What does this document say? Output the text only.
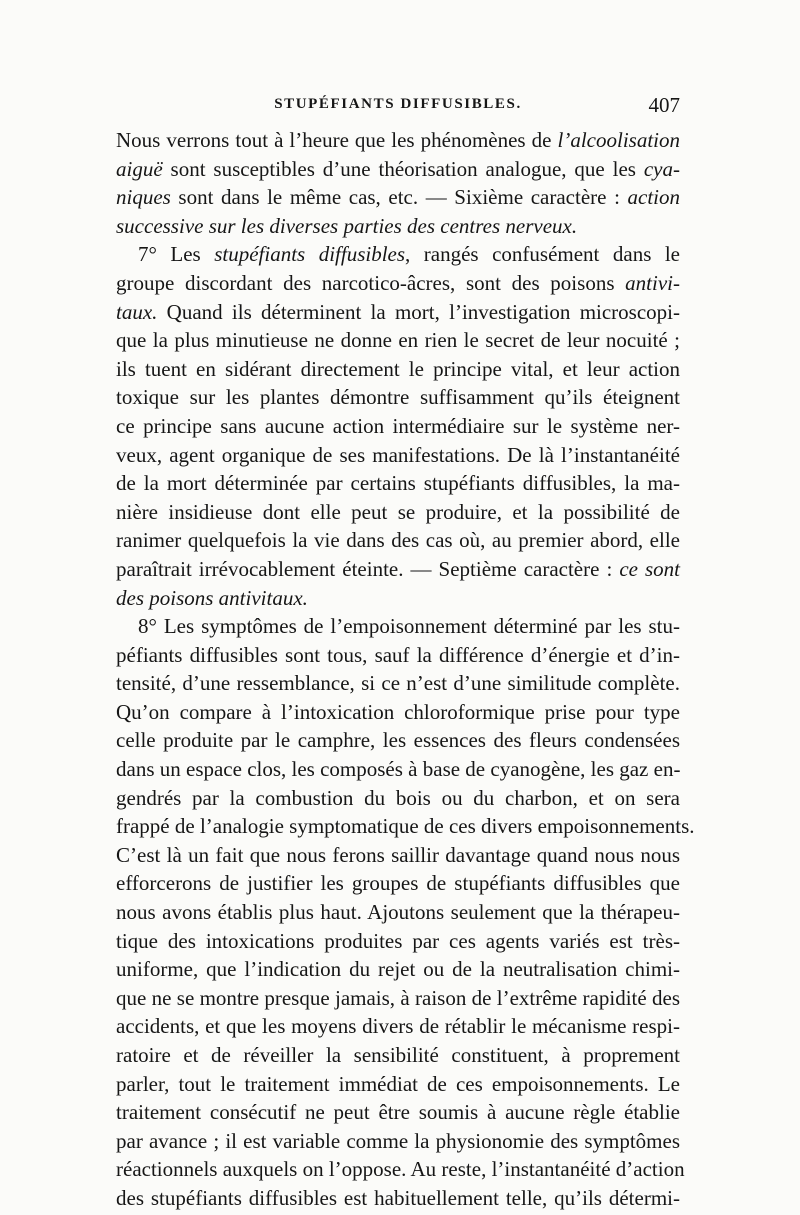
STUPÉFIANTS DIFFUSIBLES.	407
Nous verrons tout à l’heure que les phénomènes de l’alcoolisation
aiguë sont susceptibles d’une théorisation analogue, que les cya-
niques sont dans le même cas, etc. — Sixième caractère : action
successive sur les diverses parties des centres nerveux.
7° Les stupéfiants diffusibles, rangés confusément dans le
groupe discordant des narcotico-âcres, sont des poisons antivi-
taux. Quand ils déterminent la mort, l’investigation microscopi-
que la plus minutieuse ne donne en rien le secret de leur nocuité ;
ils tuent en sidérant directement le principe vital, et leur action
toxique sur les plantes démontre suffisamment qu’ils éteignent
ce principe sans aucune action intermédiaire sur le système ner-
veux, agent organique de ses manifestations. De là l’instantanéité
de la mort déterminée par certains stupéfiants diffusibles, la ma-
nière insidieuse dont elle peut se produire, et la possibilité de
ranimer quelquefois la vie dans des cas où, au premier abord, elle
paraîtrait irrévocablement éteinte. — Septième caractère : ce sont
des poisons antivitaux.
8° Les symptômes de l’empoisonnement déterminé par les stu-
péfiants diffusibles sont tous, sauf la différence d’énergie et d’in-
tensité, d’une ressemblance, si ce n’est d’une similitude complète.
Qu’on compare à l’intoxication chloroformique prise pour type
celle produite par le camphre, les essences des fleurs condensées
dans un espace clos, les composés à base de cyanogène, les gaz en-
gendrés par la combustion du bois ou du charbon, et on sera
frappé de l’analogie symptomatique de ces divers empoisonnements.
C’est là un fait que nous ferons saillir davantage quand nous nous
efforcerons de justifier les groupes de stupéfiants diffusibles que
nous avons établis plus haut. Ajoutons seulement que la thérapeu-
tique des intoxications produites par ces agents variés est très-
uniforme, que l’indication du rejet ou de la neutralisation chimi-
que ne se montre presque jamais, à raison de l’extrême rapidité des
accidents, et que les moyens divers de rétablir le mécanisme respi-
ratoire et de réveiller la sensibilité constituent, à proprement
parler, tout le traitement immédiat de ces empoisonnements. Le
traitement consécutif ne peut être soumis à aucune règle établie
par avance ; il est variable comme la physionomie des symptômes
réactionnels auxquels on l’oppose. Au reste, l’instantanéité d’action
des stupéfiants diffusibles est habituellement telle, qu’ils détermi-
